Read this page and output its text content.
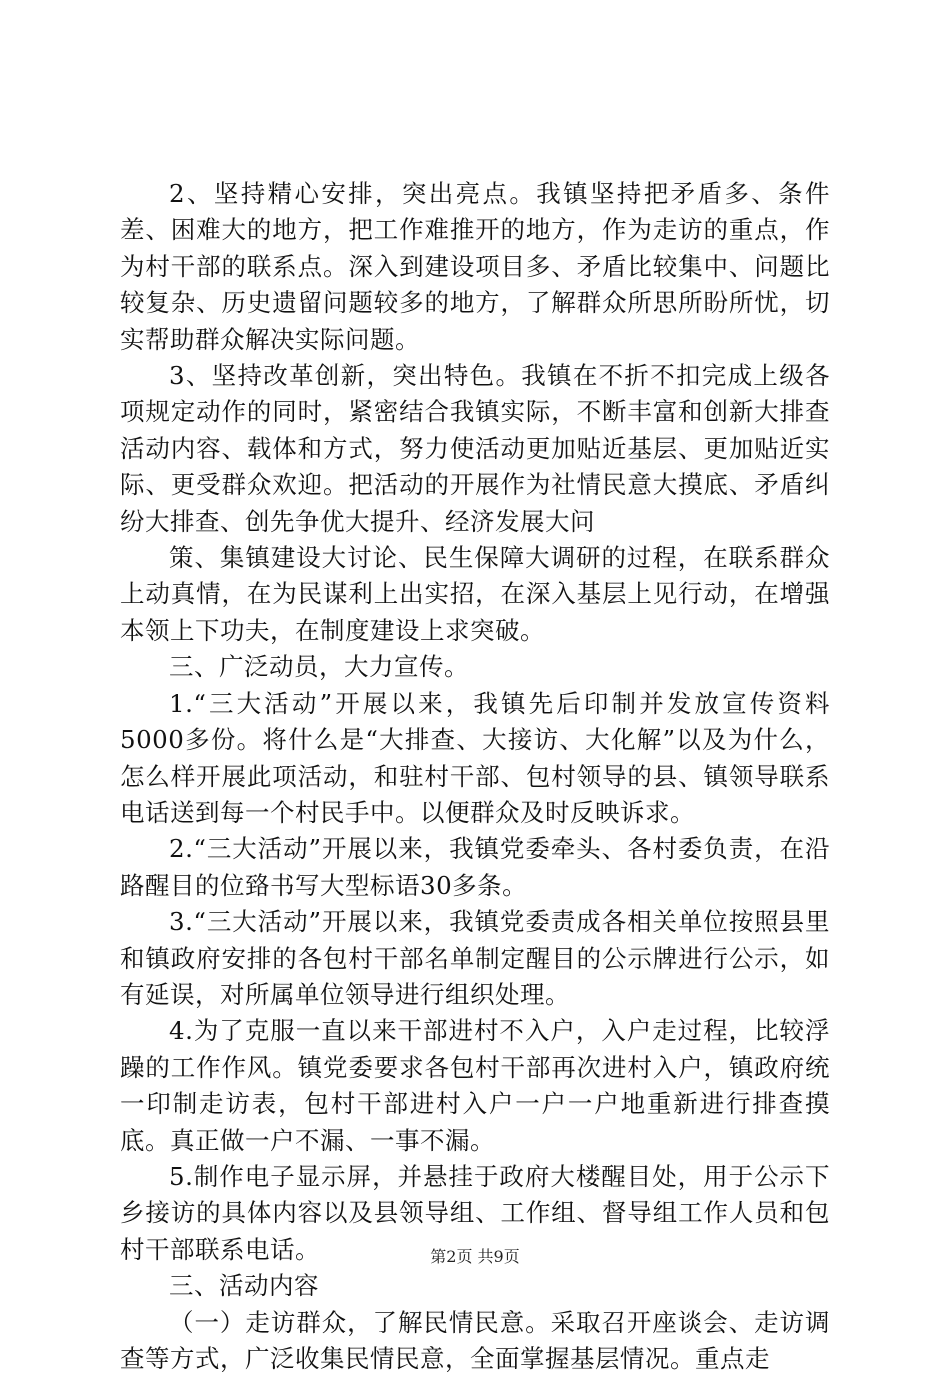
2、坚持精心安排，突出亮点。我镇坚持把矛盾多、条件差、困难大的地方，把工作难推开的地方，作为走访的重点，作为村干部的联系点。深入到建设项目多、矛盾比较集中、问题比较复杂、历史遗留问题较多的地方，了解群众所思所盼所忧，切实帮助群众解决实际问题。

3、坚持改革创新，突出特色。我镇在不折不扣完成上级各项规定动作的同时，紧密结合我镇实际，不断丰富和创新大排查活动内容、载体和方式，努力使活动更加贴近基层、更加贴近实际、更受群众欢迎。把活动的开展作为社情民意大摸底、矛盾纠纷大排查、创先争优大提升、经济发展大问

策、集镇建设大讨论、民生保障大调研的过程，在联系群众上动真情，在为民谋利上出实招，在深入基层上见行动，在增强本领上下功夫，在制度建设上求突破。

三、广泛动员，大力宣传。

1.“三大活动”开展以来，我镇先后印制并发放宣传资料5000多份。将什么是“大排查、大接访、大化解”以及为什么，怎么样开展此项活动，和驻村干部、包村领导的县、镇领导联系电话送到每一个村民手中。以便群众及时反映诉求。

2.“三大活动”开展以来，我镇党委牵头、各村委负责，在沿路醒目的位臵书写大型标语30多条。

3.“三大活动”开展以来，我镇党委责成各相关单位按照县里和镇政府安排的各包村干部名单制定醒目的公示牌进行公示，如有延误，对所属单位领导进行组织处理。

4.为了克服一直以来干部进村不入户，入户走过程，比较浮躁的工作作风。镇党委要求各包村干部再次进村入户，镇政府统一印制走访表，包村干部进村入户一户一户地重新进行排查摸底。真正做一户不漏、一事不漏。

5.制作电子显示屏，并悬挂于政府大楼醒目处，用于公示下乡接访的具体内容以及县领导组、工作组、督导组工作人员和包村干部联系电话。

三、活动内容

（一）走访群众，了解民情民意。采取召开座谈会、走访调查等方式，广泛收集民情民意，全面掌握基层情况。重点走

第2页 共9页
